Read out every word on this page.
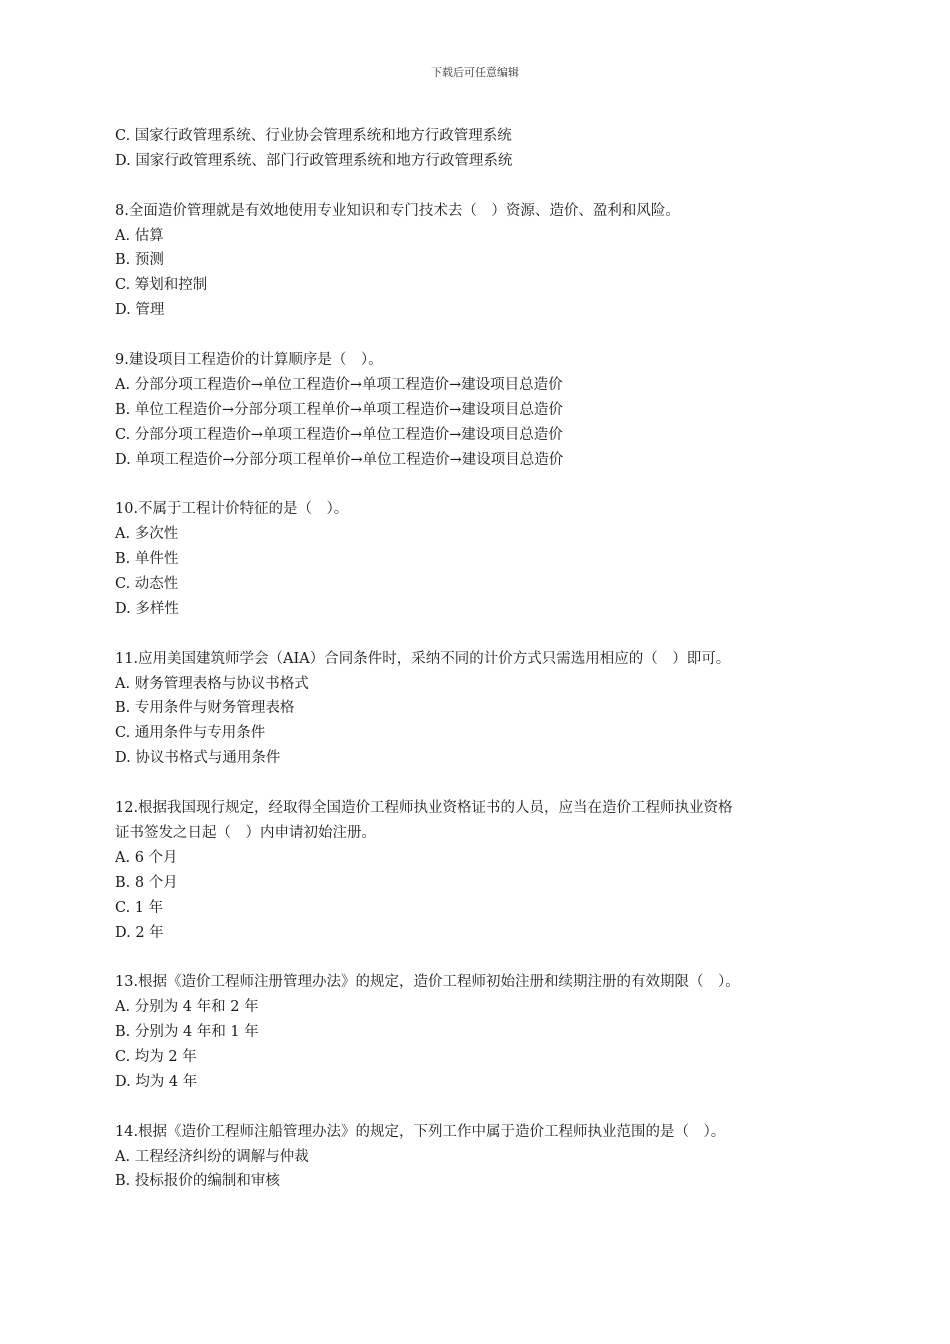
下载后可任意编辑
C. 国家行政管理系统、行业协会管理系统和地方行政管理系统
D. 国家行政管理系统、部门行政管理系统和地方行政管理系统
8.全面造价管理就是有效地使用专业知识和专门技术去（　）资源、造价、盈利和风险。
A. 估算
B. 预测
C. 筹划和控制
D. 管理
9.建设项目工程造价的计算顺序是（　）。
A. 分部分项工程造价→单位工程造价→单项工程造价→建设项目总造价
B. 单位工程造价→分部分项工程单价→单项工程造价→建设项目总造价
C. 分部分项工程造价→单项工程造价→单位工程造价→建设项目总造价
D. 单项工程造价→分部分项工程单价→单位工程造价→建设项目总造价
10.不属于工程计价特征的是（　）。
A. 多次性
B. 单件性
C. 动态性
D. 多样性
11.应用美国建筑师学会（AIA）合同条件时，采纳不同的计价方式只需选用相应的（　）即可。
A. 财务管理表格与协议书格式
B. 专用条件与财务管理表格
C. 通用条件与专用条件
D. 协议书格式与通用条件
12.根据我国现行规定，经取得全国造价工程师执业资格证书的人员，应当在造价工程师执业资格
证书签发之日起（　）内申请初始注册。
A. 6 个月
B. 8 个月
C. 1 年
D. 2 年
13.根据《造价工程师注册管理办法》的规定，造价工程师初始注册和续期注册的有效期限（　）。
A. 分别为 4 年和 2 年
B. 分别为 4 年和 1 年
C. 均为 2 年
D. 均为 4 年
14.根据《造价工程师注船管理办法》的规定，下列工作中属于造价工程师执业范围的是（　）。
A. 工程经济纠纷的调解与仲裁
B. 投标报价的编制和审核
